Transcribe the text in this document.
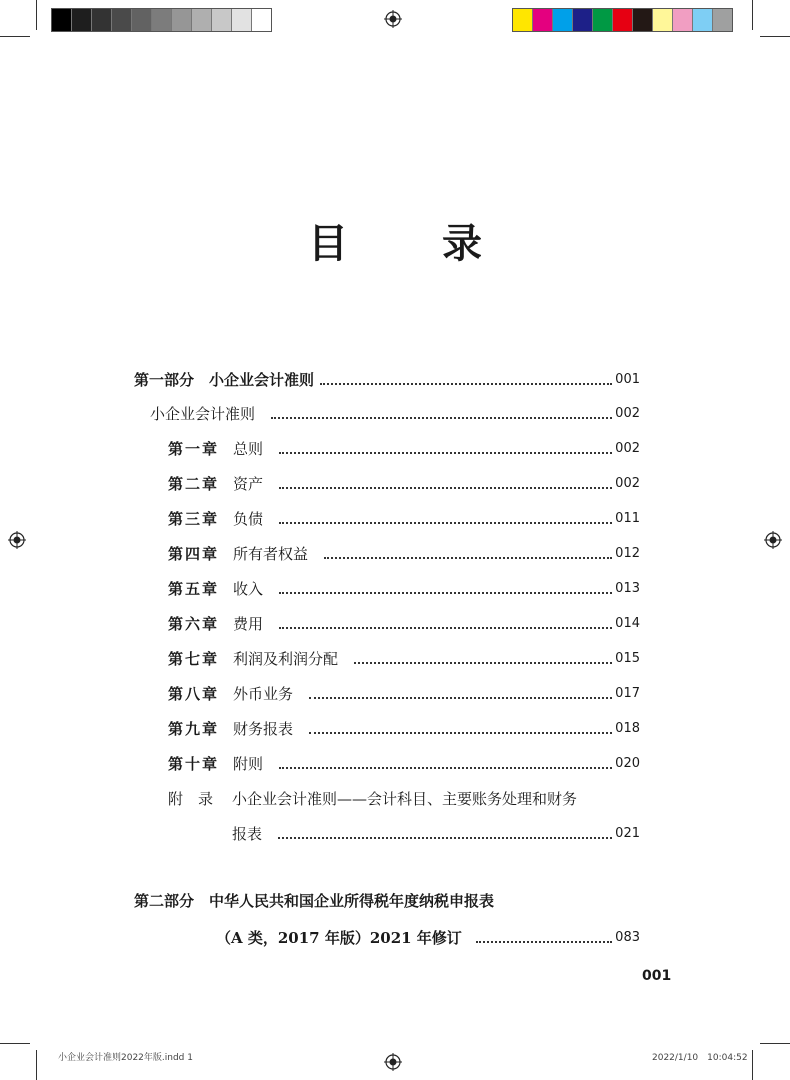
目 录
第一部分　小企业会计准则	001
小企业会计准则	002
第一章 总则	002
第二章 资产	002
第三章 负债	011
第四章 所有者权益	012
第五章 收入	013
第六章 费用	014
第七章 利润及利润分配	015
第八章 外币业务	017
第九章 财务报表	018
第十章 附则	020
附　录 小企业会计准则——会计科目、主要账务处理和财务
报表	021
第二部分　中华人民共和国企业所得税年度纳税申报表
（A 类，2017 年版）2021 年修订	083
001
小企业会计准则2022年版.indd 1	2022/1/10　10:04:52
